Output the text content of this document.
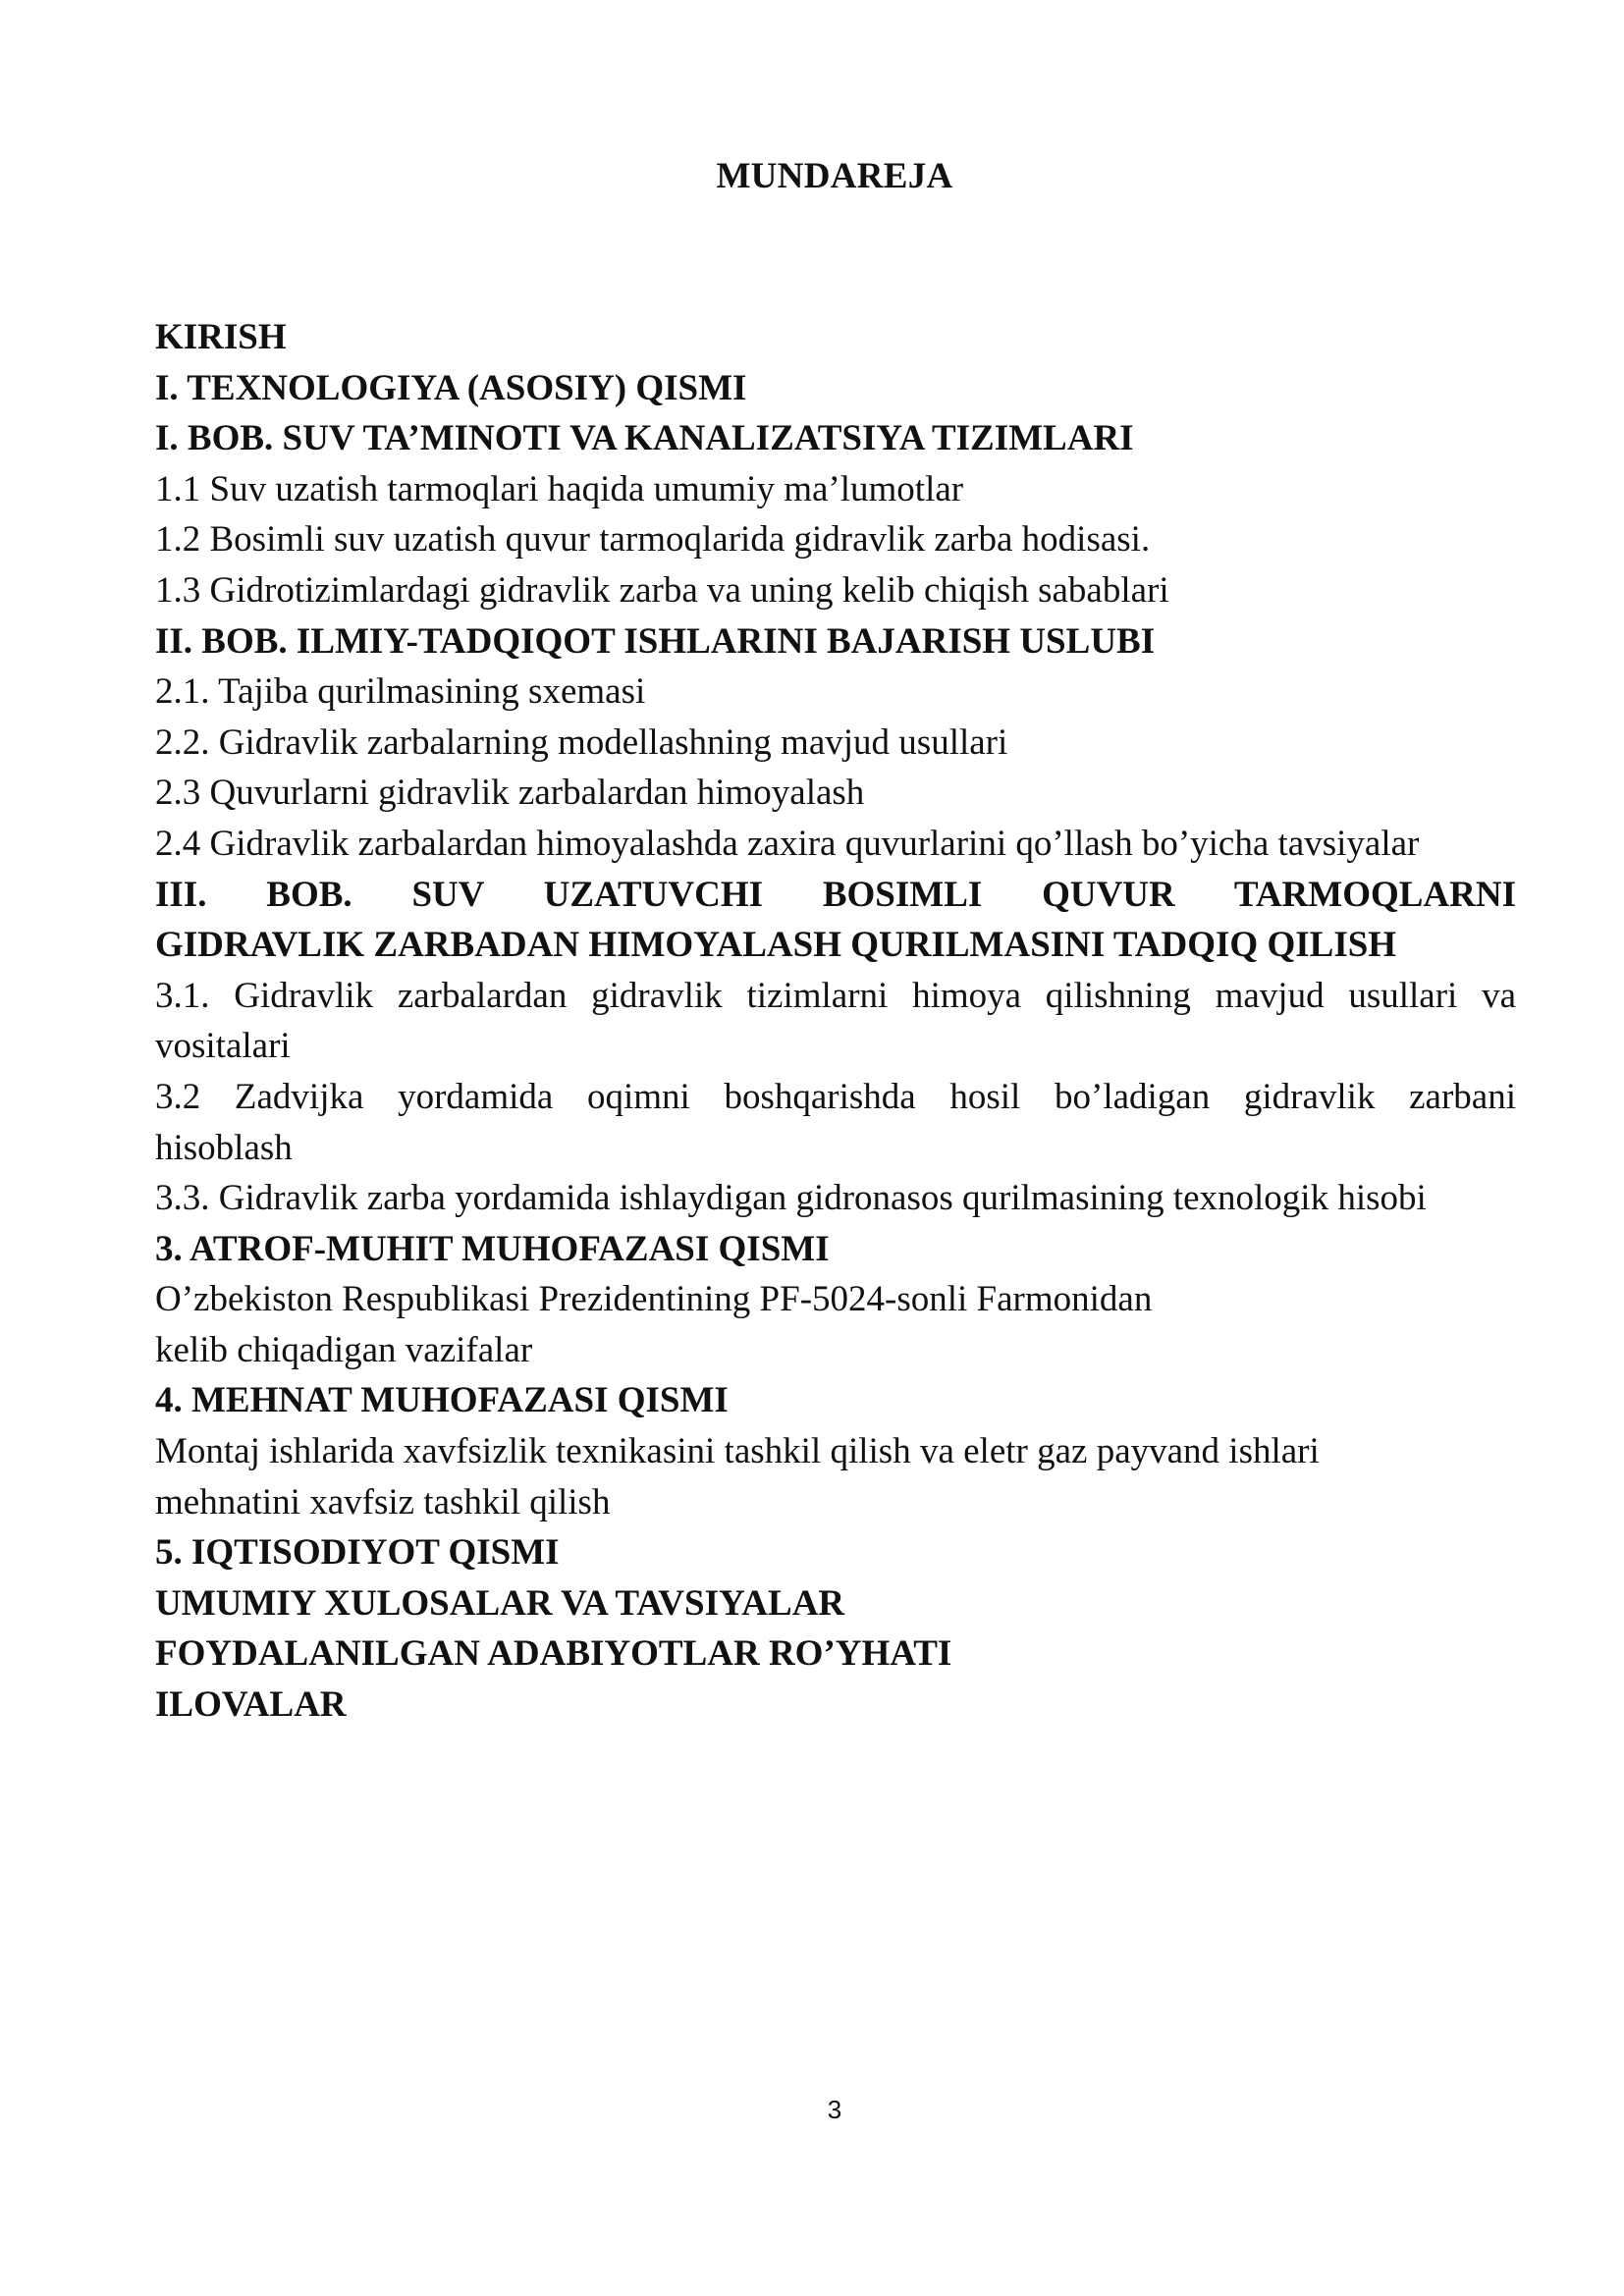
MUNDAREJA
KIRISH
I. TEXNOLOGIYA (ASOSIY) QISMI
I. BOB. SUV TA’MINOTI VA KANALIZATSIYA TIZIMLARI
1.1 Suv uzatish tarmoqlari haqida umumiy ma’lumotlar
1.2 Bosimli suv uzatish quvur tarmoqlarida gidravlik zarba hodisasi.
1.3 Gidrotizimlardagi gidravlik zarba va uning kelib chiqish sabablari
II. BOB. ILMIY-TADQIQOT ISHLARINI BAJARISH USLUBI
2.1. Tajiba qurilmasining sxemasi
2.2. Gidravlik zarbalarning modellashning mavjud usullari
2.3 Quvurlarni gidravlik zarbalardan himoyalash
2.4 Gidravlik zarbalardan himoyalashda zaxira quvurlarini qo’llash bo’yicha tavsiyalar
III. BOB. SUV UZATUVCHI BOSIMLI QUVUR TARMOQLARNI
GIDRAVLIK ZARBADAN HIMOYALASH QURILMASINI TADQIQ QILISH
3.1. Gidravlik zarbalardan gidravlik tizimlarni himoya qilishning mavjud usullari va
vositalari
3.2 Zadvijka yordamida oqimni boshqarishda hosil bo’ladigan gidravlik zarbani
hisoblash
3.3. Gidravlik zarba yordamida ishlaydigan gidronasos qurilmasining texnologik hisobi
3. ATROF-MUHIT MUHOFAZASI QISMI
O’zbekiston Respublikasi Prezidentining PF-5024-sonli Farmonidan
kelib chiqadigan vazifalar
4. MEHNAT MUHOFAZASI QISMI
Montaj ishlarida xavfsizlik texnikasini tashkil qilish va eletr gaz payvand ishlari
mehnatini xavfsiz tashkil qilish
5. IQTISODIYOT QISMI
UMUMIY XULOSALAR VA TAVSIYALAR
FOYDALANILGAN ADABIYOTLAR RO’YHATI
ILOVALAR
3
